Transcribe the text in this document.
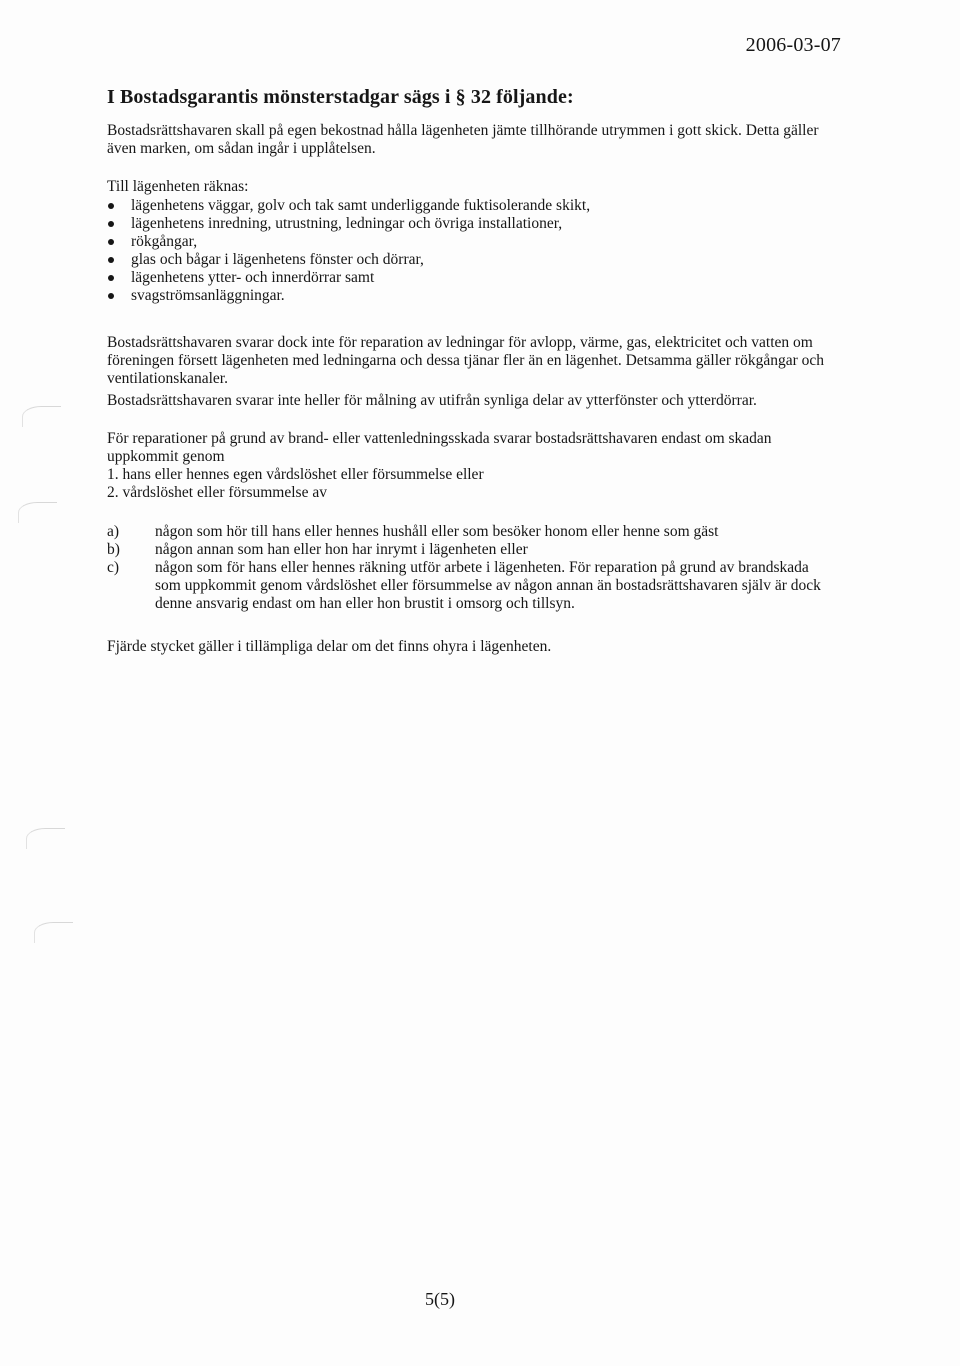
2006-03-07
I Bostadsgarantis mönsterstadgar sägs i § 32 följande:

Bostadsrättshavaren skall på egen bekostnad hålla lägenheten jämte tillhörande utrymmen i gott skick. Detta gäller även marken, om sådan ingår i upplåtelsen.

Till lägenheten räknas:

lägenhetens väggar, golv och tak samt underliggande fuktisolerande skikt,
lägenhetens inredning, utrustning, ledningar och övriga installationer,
rökgångar,
glas och bågar i lägenhetens fönster och dörrar,
lägenhetens ytter- och innerdörrar samt
svagströmsanläggningar.

Bostadsrättshavaren svarar dock inte för reparation av ledningar för avlopp, värme, gas, elektricitet och vatten om föreningen försett lägenheten med ledningarna och dessa tjänar fler än en lägenhet. Detsamma gäller rökgångar och ventilationskanaler.

Bostadsrättshavaren svarar inte heller för målning av utifrån synliga delar av ytterfönster och ytterdörrar.

För reparationer på grund av brand- eller vattenledningsskada svarar bostadsrättshavaren endast om skadan uppkommit genom

1. hans eller hennes egen vårdslöshet eller försummelse eller

2. vårdslöshet eller försummelse av

a)	någon som hör till hans eller hennes hushåll eller som besöker honom eller henne som gäst
b)	någon annan som han eller hon har inrymt i lägenheten eller
c)	någon som för hans eller hennes räkning utför arbete i lägenheten. För reparation på grund av brandskada som uppkommit genom vårdslöshet eller försummelse av någon annan än bostadsrättshavaren själv är dock denne ansvarig endast om han eller hon brustit i omsorg och tillsyn.

Fjärde stycket gäller i tillämpliga delar om det finns ohyra i lägenheten.

5(5)
